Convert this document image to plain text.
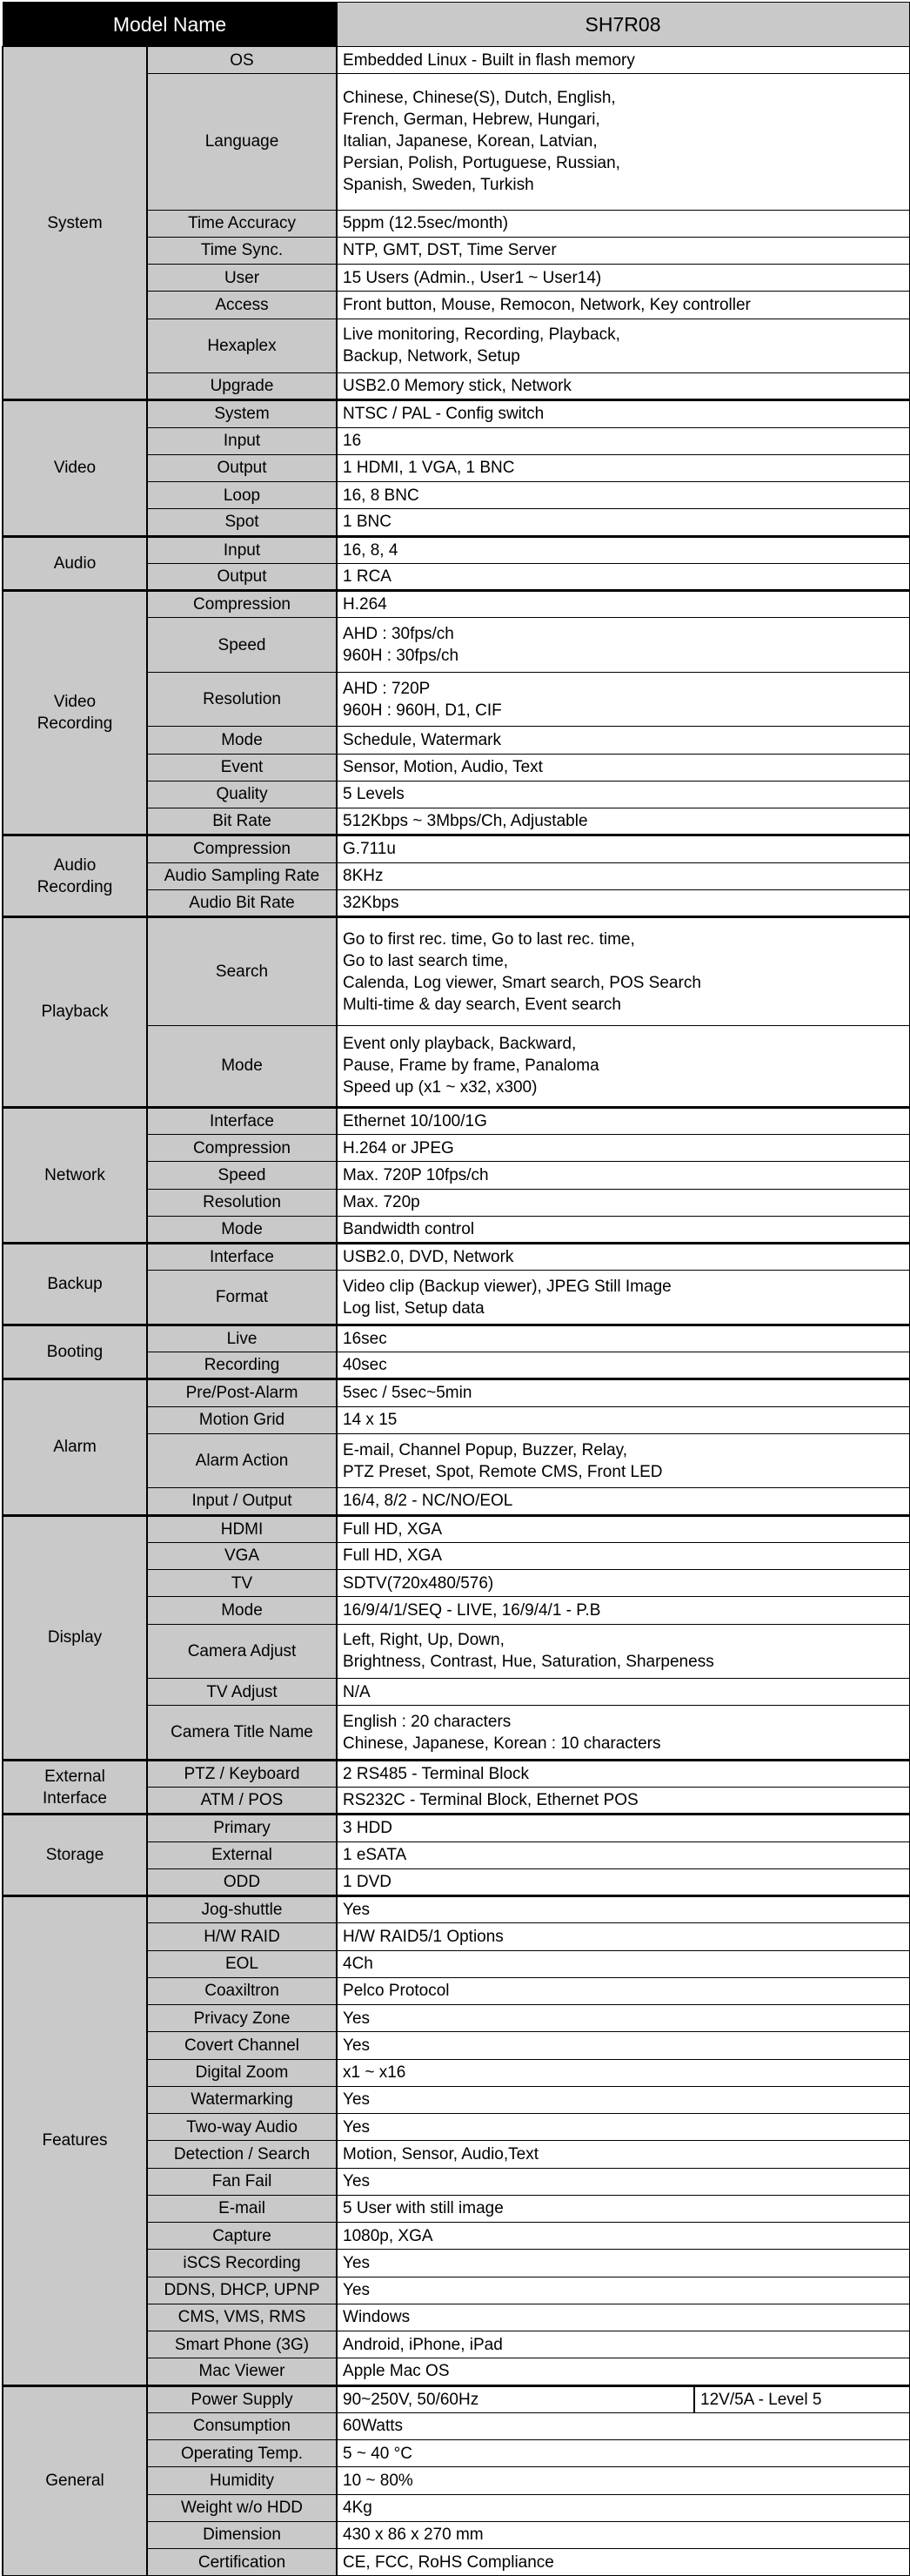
Model Name		SH7R08	
System	OS	Embedded Linux - Built in flash memory	
	Language	Chinese, Chinese(S), Dutch, English,
French, German, Hebrew, Hungari,
Italian, Japanese, Korean, Latvian,
Persian, Polish, Portuguese, Russian,
Spanish, Sweden, Turkish	
	Time Accuracy	5ppm (12.5sec/month)	
	Time Sync.	NTP, GMT, DST, Time Server	
	User	15 Users (Admin., User1 ~ User14)	
	Access	Front button, Mouse, Remocon, Network, Key controller	
	Hexaplex	Live monitoring, Recording, Playback,
Backup, Network, Setup	
	Upgrade	USB2.0 Memory stick, Network	
Video	System	NTSC / PAL - Config switch	
	Input	16	
	Output	1 HDMI, 1 VGA, 1 BNC	
	Loop	16, 8 BNC	
	Spot	1 BNC	
Audio	Input	16, 8, 4	
	Output	1 RCA	
Video
Recording	Compression	H.264	
	Speed	AHD : 30fps/ch
960H : 30fps/ch	
	Resolution	AHD : 720P
960H : 960H, D1, CIF	
	Mode	Schedule, Watermark	
	Event	Sensor, Motion, Audio, Text	
	Quality	5 Levels	
	Bit Rate	512Kbps ~ 3Mbps/Ch, Adjustable	
Audio
Recording	Compression	G.711u	
	Audio Sampling Rate	8KHz	
	Audio Bit Rate	32Kbps	
Playback	Search	Go to first rec. time, Go to last rec. time,
Go to last search time,
Calenda, Log viewer, Smart search, POS Search
Multi-time & day search, Event search	
	Mode	Event only playback, Backward,
Pause, Frame by frame, Panaloma
Speed up (x1 ~ x32, x300)	
Network	Interface	Ethernet 10/100/1G	
	Compression	H.264 or JPEG	
	Speed	Max. 720P 10fps/ch	
	Resolution	Max. 720p	
	Mode	Bandwidth control	
Backup	Interface	USB2.0, DVD, Network	
	Format	Video clip (Backup viewer), JPEG Still Image
Log list, Setup data	
Booting	Live	16sec	
	Recording	40sec	
Alarm	Pre/Post-Alarm	5sec / 5sec~5min	
	Motion Grid	14 x 15	
	Alarm Action	E-mail, Channel Popup, Buzzer, Relay,
PTZ Preset, Spot, Remote CMS, Front LED	
	Input / Output	16/4, 8/2 - NC/NO/EOL	
Display	HDMI	Full HD, XGA	
	VGA	Full HD, XGA	
	TV	SDTV(720x480/576)	
	Mode	16/9/4/1/SEQ - LIVE, 16/9/4/1 - P.B	
	Camera Adjust	Left, Right, Up, Down,
Brightness, Contrast, Hue, Saturation, Sharpeness	
	TV Adjust	N/A	
	Camera Title Name	English : 20 characters
Chinese, Japanese, Korean : 10 characters	
External
Interface	PTZ / Keyboard	2 RS485 - Terminal Block	
	ATM / POS	RS232C - Terminal Block, Ethernet POS	
Storage	Primary	3 HDD	
	External	1 eSATA	
	ODD	1 DVD	
Features	Jog-shuttle	Yes	
	H/W RAID	H/W RAID5/1 Options	
	EOL	4Ch	
	Coaxiltron	Pelco Protocol	
	Privacy Zone	Yes	
	Covert Channel	Yes	
	Digital Zoom	x1 ~ x16	
	Watermarking	Yes	
	Two-way Audio	Yes	
	Detection / Search	Motion, Sensor, Audio,Text	
	Fan Fail	Yes	
	E-mail	5 User with still image	
	Capture	1080p, XGA	
	iSCS Recording	Yes	
	DDNS, DHCP, UPNP	Yes	
	CMS, VMS, RMS	Windows	
	Smart Phone (3G)	Android, iPhone, iPad	
	Mac Viewer	Apple Mac OS	
General	Power Supply	90~250V, 50/60Hz	12V/5A - Level 5
	Consumption	60Watts	
	Operating Temp.	5 ~ 40 °C	
	Humidity	10 ~ 80%	
	Weight w/o HDD	4Kg	
	Dimension	430 x 86 x 270 mm	
	Certification	CE, FCC, RoHS Compliance	
